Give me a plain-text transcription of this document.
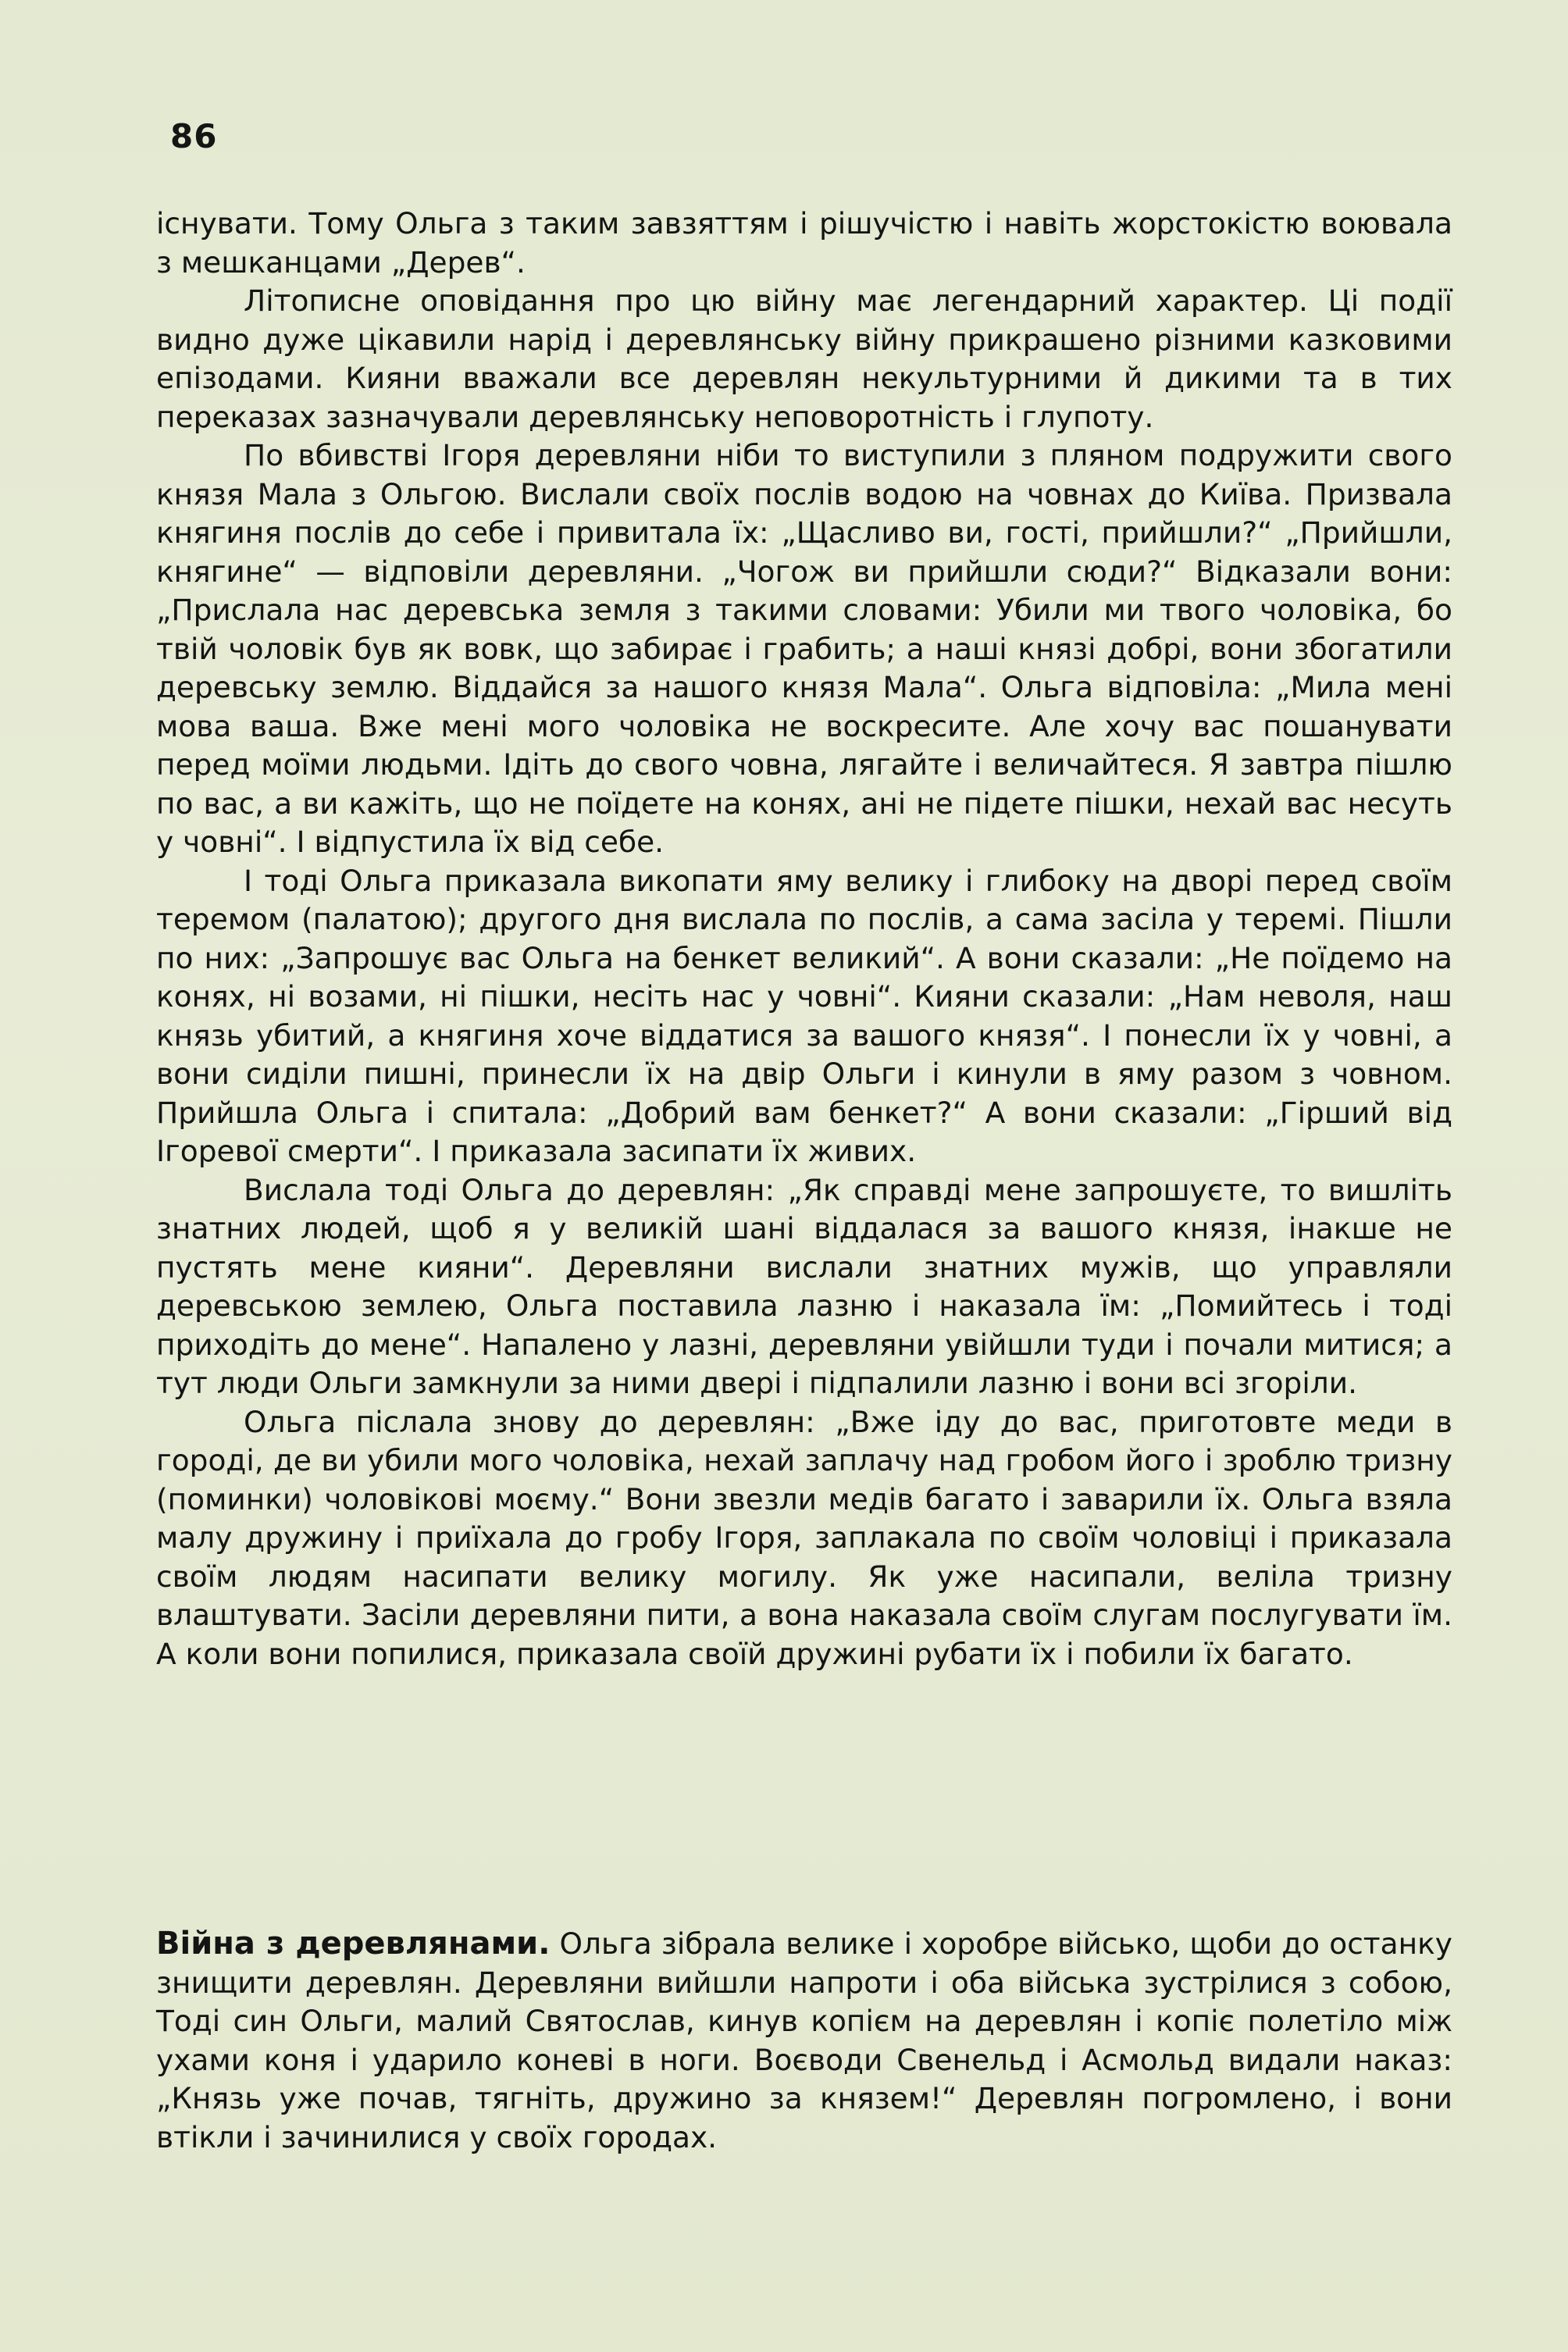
86

існувати. Тому Ольга з таким завзяттям і рішучістю і навіть жорстокістю воювала з мешканцами „Дерев“.

Літописне оповідання про цю війну має легендарний характер. Ці події видно дуже цікавили нарід і деревлянську війну прикрашено різними казковими епізодами. Кияни вважали все деревлян некультурними й дикими та в тих переказах зазначували деревлянську неповоротність і глупоту.

По вбивстві Ігоря деревляни ніби то виступили з пляном подружити свого князя Мала з Ольгою. Вислали своїх послів водою на човнах до Київа. Призвала княгиня послів до себе і привитала їх: „Щасливо ви, гості, прийшли?“ „Прийшли, княгине“ — відповіли деревляни. „Чогож ви прийшли сюди?“ Відказали вони: „Прислала нас деревська земля з такими словами: Убили ми твого чоловіка, бо твій чоловік був як вовк, що забирає і грабить; а наші князі добрі, вони збогатили деревську землю. Віддайся за нашого князя Мала“. Ольга відповіла: „Мила мені мова ваша. Вже мені мого чоловіка не воскресите. Але хочу вас пошанувати перед моїми людьми. Ідіть до свого човна, лягайте і величайтеся. Я завтра пішлю по вас, а ви кажіть, що не поїдете на конях, ані не підете пішки, нехай вас несуть у човні“. І відпустила їх від себе.

І тоді Ольга приказала викопати яму велику і глибоку на дворі перед своїм теремом (палатою); другого дня вислала по послів, а сама засіла у теремі. Пішли по них: „Запрошує вас Ольга на бенкет великий“. А вони сказали: „Не поїдемо на конях, ні возами, ні пішки, несіть нас у човні“. Кияни сказали: „Нам неволя, наш князь убитий, а княгиня хоче віддатися за вашого князя“. І понесли їх у човні, а вони сиділи пишні, принесли їх на двір Ольги і кинули в яму разом з човном. Прийшла Ольга і спитала: „Добрий вам бенкет?“ А вони сказали: „Гірший від Ігоревої смерти“. І приказала засипати їх живих.

Вислала тоді Ольга до деревлян: „Як справді мене запрошуєте, то вишліть знатних людей, щоб я у великій шані віддалася за вашого князя, інакше не пустять мене кияни“. Деревляни вислали знатних мужів, що управляли деревською землею, Ольга поставила лазню і наказала їм: „Помийтесь і тоді приходіть до мене“. Напалено у лазні, деревляни увійшли туди і почали митися; а тут люди Ольги замкнули за ними двері і підпалили лазню і вони всі згоріли.

Ольга післала знову до деревлян: „Вже іду до вас, приготовте меди в городі, де ви убили мого чоловіка, нехай заплачу над гробом його і зроблю тризну (поминки) чоловікові моєму.“ Вони звезли медів багато і заварили їх. Ольга взяла малу дружину і приїхала до гробу Ігоря, заплакала по своїм чоловіці і приказала своїм людям насипати велику могилу. Як уже насипали, веліла тризну влаштувати. Засіли деревляни пити, а вона наказала своїм слугам послугувати їм. А коли вони попилися, приказала своїй дружині рубати їх і побили їх багато.

Війна з деревлянами. Ольга зібрала велике і хоробре військо, щоби до останку знищити деревлян. Деревляни вийшли напроти і оба війська зустрілися з собою, Тоді син Ольги, малий Святослав, кинув копієм на деревлян і копіє полетіло між ухами коня і ударило коневі в ноги. Воєводи Свенельд і Асмольд видали наказ: „Князь уже почав, тягніть, дружино за князем!“ Деревлян погромлено, і вони втікли і зачинилися у своїх городах.
